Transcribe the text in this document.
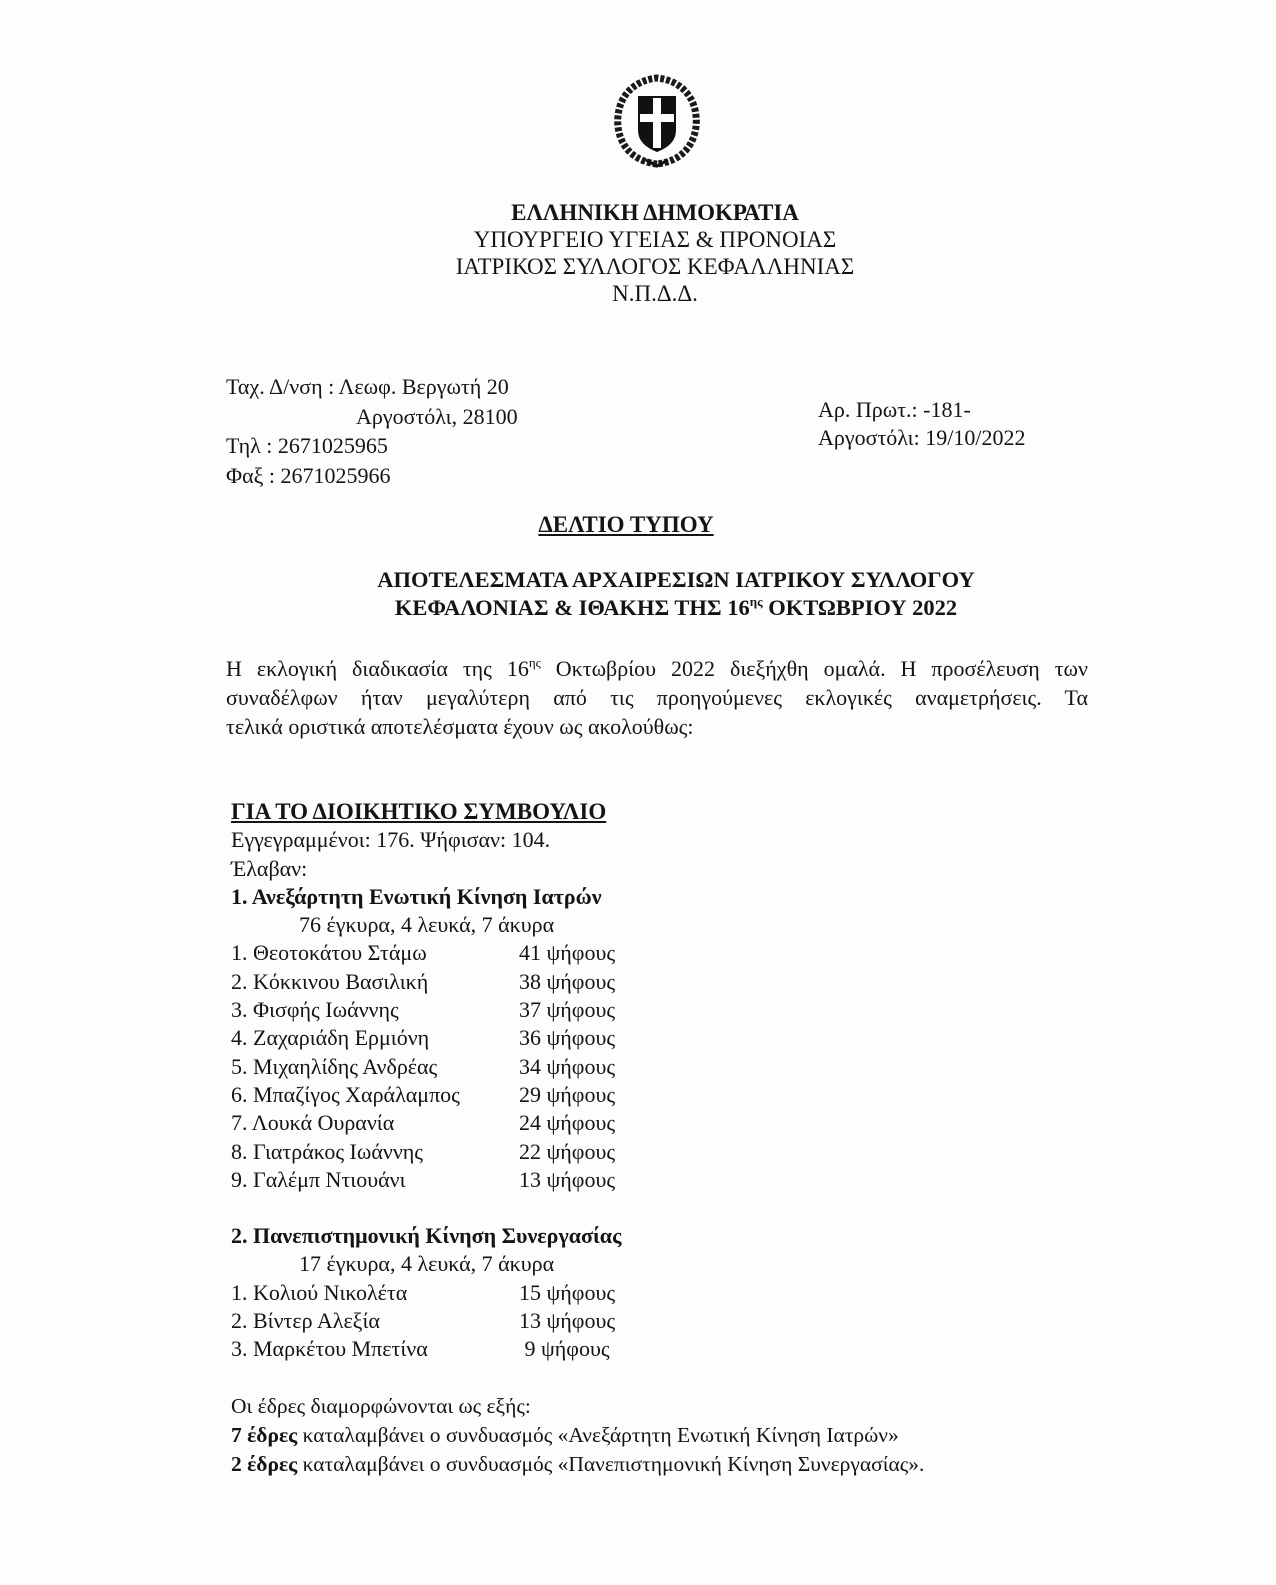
ΕΛΛΗΝΙΚΗ ΔΗΜΟΚΡΑΤΙΑ
ΥΠΟΥΡΓΕΙΟ ΥΓΕΙΑΣ & ΠΡΟΝΟΙΑΣ
ΙΑΤΡΙΚΟΣ ΣΥΛΛΟΓΟΣ ΚΕΦΑΛΛΗΝΙΑΣ
Ν.Π.Δ.Δ.
Ταχ. Δ/νση : Λεωφ. Βεργωτή 20
Αργοστόλι, 28100
Τηλ : 2671025965
Φαξ : 2671025966
Αρ. Πρωτ.: -181-
Αργοστόλι: 19/10/2022
ΔΕΛΤΙΟ ΤΥΠΟΥ
ΑΠΟΤΕΛΕΣΜΑΤΑ ΑΡΧΑΙΡΕΣΙΩΝ ΙΑΤΡΙΚΟΥ ΣΥΛΛΟΓΟΥ
ΚΕΦΑΛΟΝΙΑΣ & ΙΘΑΚΗΣ ΤΗΣ $16^{\eta\varsigma}$ ΟΚΤΩΒΡΙΟΥ 2022
Η εκλογική διαδικασία της $16^{\eta\varsigma}$ Οκτωβρίου 2022 διεξήχθη ομαλά. Η προσέλευση των
συναδέλφων ήταν μεγαλύτερη από τις προηγούμενες εκλογικές αναμετρήσεις. Τα
τελικά οριστικά αποτελέσματα έχουν ως ακολούθως:
ΓΙΑ ΤΟ ΔΙΟΙΚΗΤΙΚΟ ΣΥΜΒΟΥΛΙΟ
Εγγεγραμμένοι: 176. Ψήφισαν: 104.
Έλαβαν:
1. Ανεξάρτητη Ενωτική Κίνηση Ιατρών
76 έγκυρα, 4 λευκά, 7 άκυρα
1. Θεοτοκάτου Στάμω	41 ψήφους
2. Κόκκινου Βασιλική	38 ψήφους
3. Φισφής Ιωάννης	37 ψήφους
4. Ζαχαριάδη Ερμιόνη	36 ψήφους
5. Μιχαηλίδης Ανδρέας	34 ψήφους
6. Μπαζίγος Χαράλαμπος	29 ψήφους
7. Λουκά Ουρανία	24 ψήφους
8. Γιατράκος Ιωάννης	22 ψήφους
9. Γαλέμπ Ντιουάνι	13 ψήφους
2. Πανεπιστημονική Κίνηση Συνεργασίας
17 έγκυρα, 4 λευκά, 7 άκυρα
1. Κολιού Νικολέτα	15 ψήφους
2. Βίντερ Αλεξία	13 ψήφους
3. Μαρκέτου Μπετίνα	9 ψήφους
Οι έδρες διαμορφώνονται ως εξής:
7 έδρες καταλαμβάνει ο συνδυασμός «Ανεξάρτητη Ενωτική Κίνηση Ιατρών»
2 έδρες καταλαμβάνει ο συνδυασμός «Πανεπιστημονική Κίνηση Συνεργασίας».
